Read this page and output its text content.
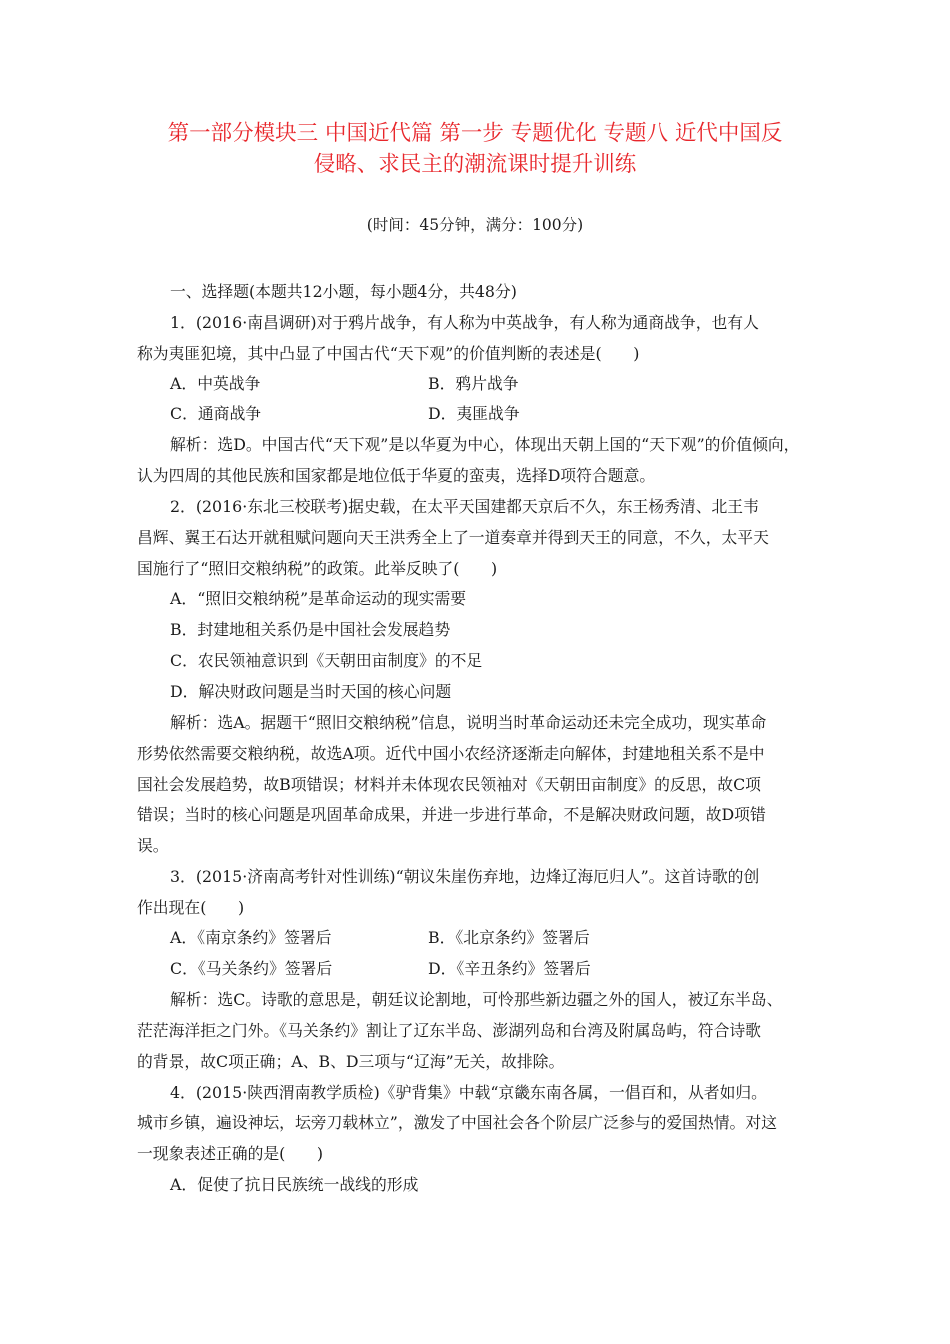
第一部分模块三 中国近代篇 第一步 专题优化 专题八 近代中国反
侵略、求民主的潮流课时提升训练
(时间：45分钟，满分：100分)
一、选择题(本题共12小题，每小题4分，共48分)
1．(2016·南昌调研)对于鸦片战争，有人称为中英战争，有人称为通商战争，也有人
称为夷匪犯境，其中凸显了中国古代“天下观”的价值判断的表述是(　　)
A．中英战争	B．鸦片战争
C．通商战争	D．夷匪战争
解析：选D。中国古代“天下观”是以华夏为中心，体现出天朝上国的“天下观”的价值倾向，
认为四周的其他民族和国家都是地位低于华夏的蛮夷，选择D项符合题意。
2．(2016·东北三校联考)据史载，在太平天国建都天京后不久，东王杨秀清、北王韦
昌辉、翼王石达开就租赋问题向天王洪秀全上了一道奏章并得到天王的同意，不久，太平天
国施行了“照旧交粮纳税”的政策。此举反映了(　　)
A．“照旧交粮纳税”是革命运动的现实需要
B．封建地租关系仍是中国社会发展趋势
C．农民领袖意识到《天朝田亩制度》的不足
D．解决财政问题是当时天国的核心问题
解析：选A。据题干“照旧交粮纳税”信息，说明当时革命运动还未完全成功，现实革命
形势依然需要交粮纳税，故选A项。近代中国小农经济逐渐走向解体，封建地租关系不是中
国社会发展趋势，故B项错误；材料并未体现农民领袖对《天朝田亩制度》的反思，故C项
错误；当时的核心问题是巩固革命成果，并进一步进行革命，不是解决财政问题，故D项错
误。
3．(2015·济南高考针对性训练)“朝议朱崖伤弃地，边烽辽海厄归人”。这首诗歌的创
作出现在(　　)
A．《南京条约》签署后	B．《北京条约》签署后
C．《马关条约》签署后	D．《辛丑条约》签署后
解析：选C。诗歌的意思是，朝廷议论割地，可怜那些新边疆之外的国人，被辽东半岛、
茫茫海洋拒之门外。《马关条约》割让了辽东半岛、澎湖列岛和台湾及附属岛屿，符合诗歌
的背景，故C项正确；A、B、D三项与“辽海”无关，故排除。
4．(2015·陕西渭南教学质检)《驴背集》中载“京畿东南各属，一倡百和，从者如归。
城市乡镇，遍设神坛，坛旁刀载林立”，激发了中国社会各个阶层广泛参与的爱国热情。对这
一现象表述正确的是(　　)
A．促使了抗日民族统一战线的形成
